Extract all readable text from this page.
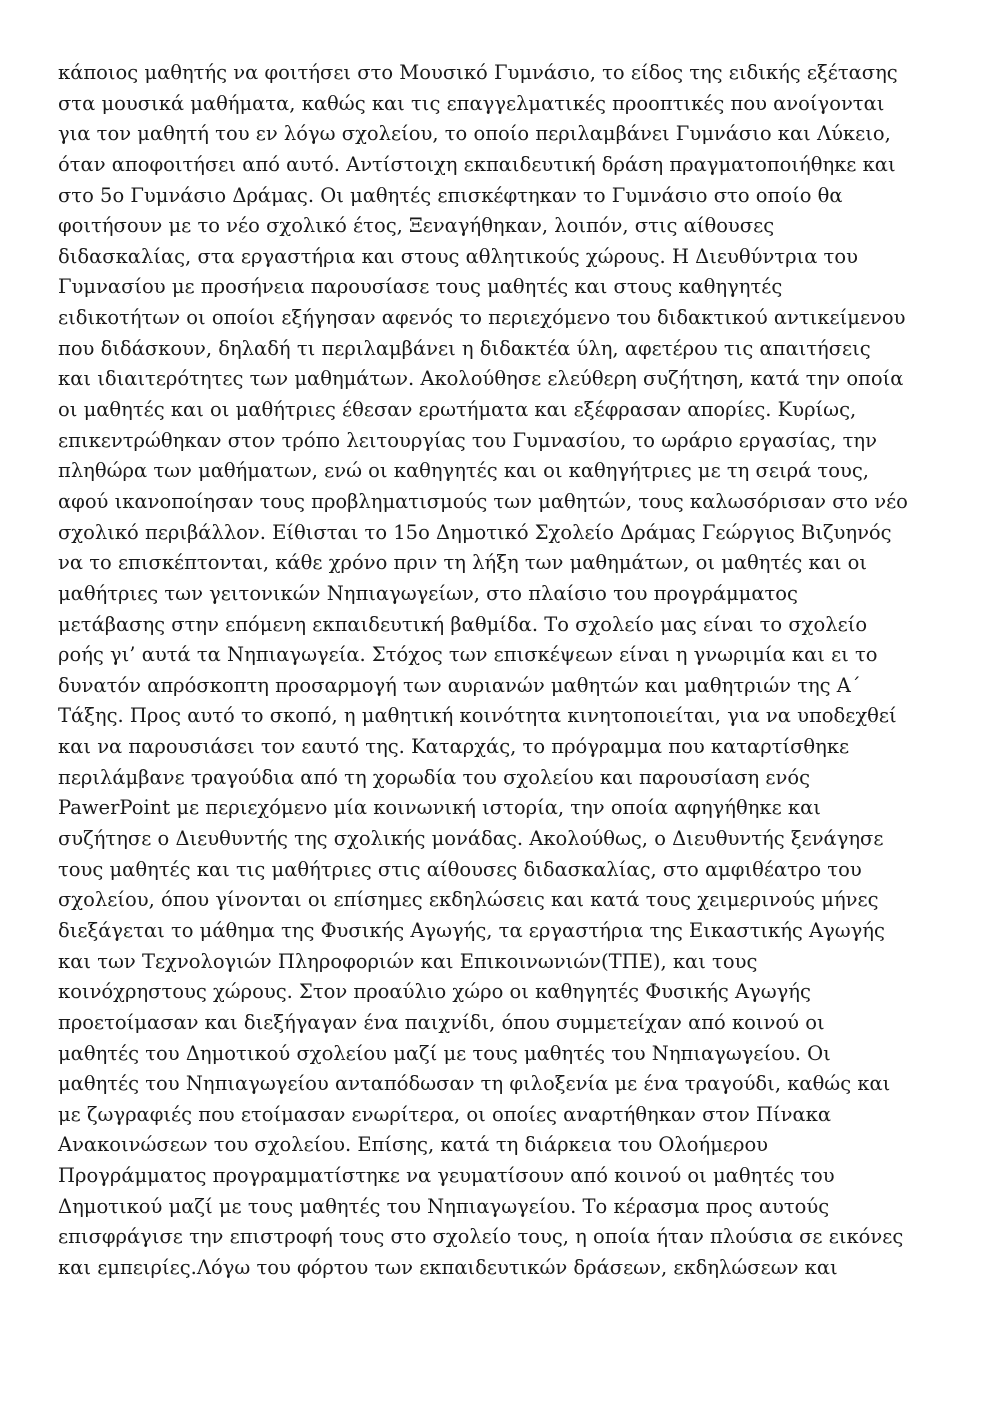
κάποιος μαθητής να φοιτήσει στο Μουσικό Γυμνάσιο, το είδος της ειδικής εξέτασης
στα μουσικά μαθήματα, καθώς και τις επαγγελματικές προοπτικές που ανοίγονται
για τον μαθητή του εν λόγω σχολείου, το οποίο περιλαμβάνει Γυμνάσιο και Λύκειο,
όταν αποφοιτήσει από αυτό. Αντίστοιχη εκπαιδευτική δράση πραγματοποιήθηκε και
στο 5ο Γυμνάσιο Δράμας. Οι μαθητές επισκέφτηκαν το Γυμνάσιο στο οποίο θα
φοιτήσουν με το νέο σχολικό έτος, Ξεναγήθηκαν, λοιπόν, στις αίθουσες
διδασκαλίας, στα εργαστήρια και στους αθλητικούς χώρους. Η Διευθύντρια του
Γυμνασίου με προσήνεια παρουσίασε τους μαθητές και στους καθηγητές
ειδικοτήτων οι οποίοι εξήγησαν αφενός το περιεχόμενο του διδακτικού αντικείμενου
που διδάσκουν, δηλαδή τι περιλαμβάνει η διδακτέα ύλη, αφετέρου τις απαιτήσεις
και ιδιαιτερότητες των μαθημάτων. Ακολούθησε ελεύθερη συζήτηση, κατά την οποία
οι μαθητές και οι μαθήτριες έθεσαν ερωτήματα και εξέφρασαν απορίες. Κυρίως,
επικεντρώθηκαν στον τρόπο λειτουργίας του Γυμνασίου, το ωράριο εργασίας, την
πληθώρα των μαθήματων, ενώ οι καθηγητές και οι καθηγήτριες με τη σειρά τους,
αφού ικανοποίησαν τους προβληματισμούς των μαθητών, τους καλωσόρισαν στο νέο
σχολικό περιβάλλον. Είθισται το 15ο Δημοτικό Σχολείο Δράμας Γεώργιος Βιζυηνός
να το επισκέπτονται, κάθε χρόνο πριν τη λήξη των μαθημάτων, οι μαθητές και οι
μαθήτριες των γειτονικών Νηπιαγωγείων, στο πλαίσιο του προγράμματος
μετάβασης στην επόμενη εκπαιδευτική βαθμίδα. Το σχολείο μας είναι το σχολείο
ροής γι’ αυτά τα Νηπιαγωγεία. Στόχος των επισκέψεων είναι η γνωριμία και ει το
δυνατόν απρόσκοπτη προσαρμογή των αυριανών μαθητών και μαθητριών της Α΄
Τάξης. Προς αυτό το σκοπό, η μαθητική κοινότητα κινητοποιείται, για να υποδεχθεί
και να παρουσιάσει τον εαυτό της. Καταρχάς, το πρόγραμμα που καταρτίσθηκε
περιλάμβανε τραγούδια από τη χορωδία του σχολείου και παρουσίαση ενός
PawerPoint με περιεχόμενο μία κοινωνική ιστορία, την οποία αφηγήθηκε και
συζήτησε ο Διευθυντής της σχολικής μονάδας. Ακολούθως, ο Διευθυντής ξενάγησε
τους μαθητές και τις μαθήτριες στις αίθουσες διδασκαλίας, στο αμφιθέατρο του
σχολείου, όπου γίνονται οι επίσημες εκδηλώσεις και κατά τους χειμερινούς μήνες
διεξάγεται το μάθημα της Φυσικής Αγωγής, τα εργαστήρια της Εικαστικής Αγωγής
και των Τεχνολογιών Πληροφοριών και Επικοινωνιών(ΤΠΕ), και τους
κοινόχρηστους χώρους. Στον προαύλιο χώρο οι καθηγητές Φυσικής Αγωγής
προετοίμασαν και διεξήγαγαν ένα παιχνίδι, όπου συμμετείχαν από κοινού οι
μαθητές του Δημοτικού σχολείου μαζί με τους μαθητές του Νηπιαγωγείου. Οι
μαθητές του Νηπιαγωγείου ανταπόδωσαν τη φιλοξενία με ένα τραγούδι, καθώς και
με ζωγραφιές που ετοίμασαν ενωρίτερα, οι οποίες αναρτήθηκαν στον Πίνακα
Ανακοινώσεων του σχολείου. Επίσης, κατά τη διάρκεια του Ολοήμερου
Προγράμματος προγραμματίστηκε να γευματίσουν από κοινού οι μαθητές του
Δημοτικού μαζί με τους μαθητές του Νηπιαγωγείου. Το κέρασμα προς αυτούς
επισφράγισε την επιστροφή τους στο σχολείο τους, η οποία ήταν πλούσια σε εικόνες
και εμπειρίες.Λόγω του φόρτου των εκπαιδευτικών δράσεων, εκδηλώσεων και
